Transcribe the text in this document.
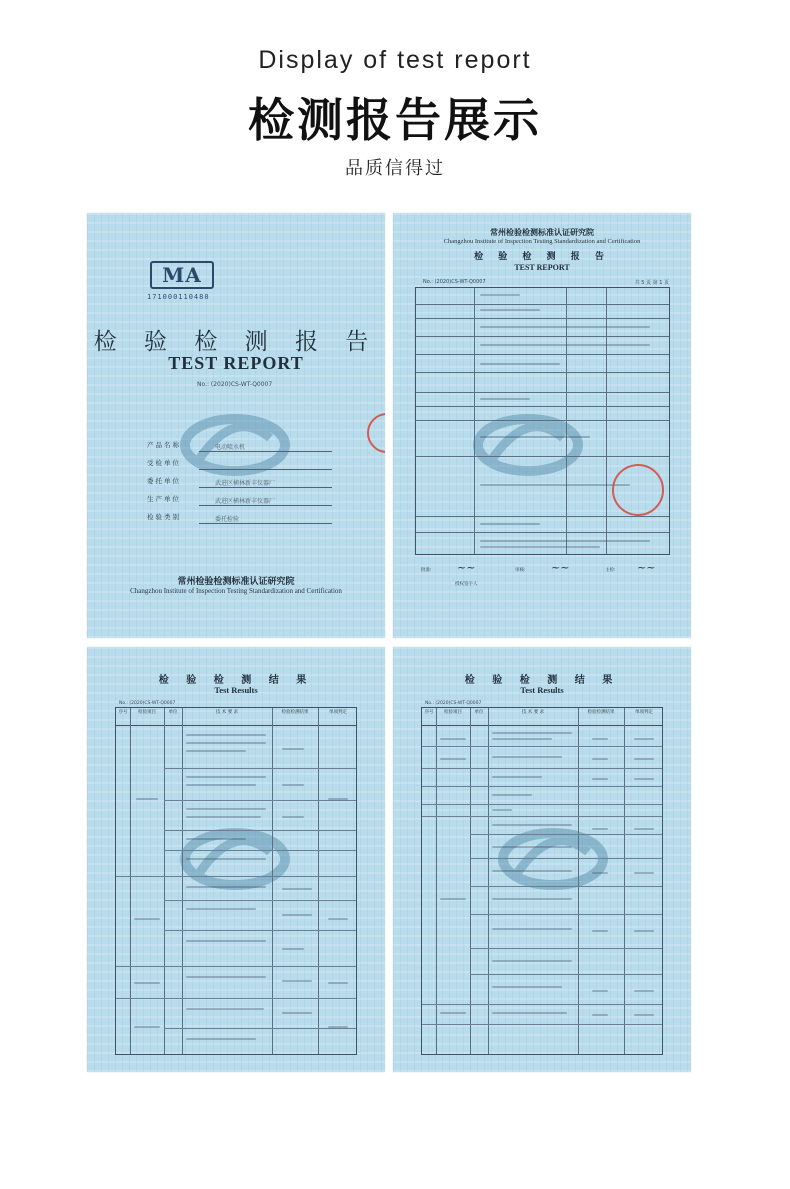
Display of test report
检测报告展示
品质信得过
MA
171000110480
检 验 检 测 报 告
TEST REPORT
No.: (2020)CS-WT-Q0007
产品名称	电动喷水机
受检单位
委托单位	武进区横林新丰仪器厂
生产单位	武进区横林新丰仪器厂
检验类别	委托检验
常州检验检测标准认证研究院
Changzhou Institute of Inspection Testing Standardization and Certification
常州检验检测标准认证研究院
Changzhou Institute of Inspection Testing Standardization and Certification
检 验 检 测 报 告
TEST REPORT
No.: (2020)CS-WT-Q0007	共 5 页 第 1 页
批准: ~~	审核: ~~	主检: ~~
授权签字人
检 验 检 测 结 果
Test Results
No.: (2020)CS-WT-Q0007
序号	检验项目	单位	技 术 要 求	检验检测结果	单项判定
检 验 检 测 结 果
Test Results
No.: (2020)CS-WT-Q0007
序号	检验项目	单位	技 术 要 求	检验检测结果	单项判定
